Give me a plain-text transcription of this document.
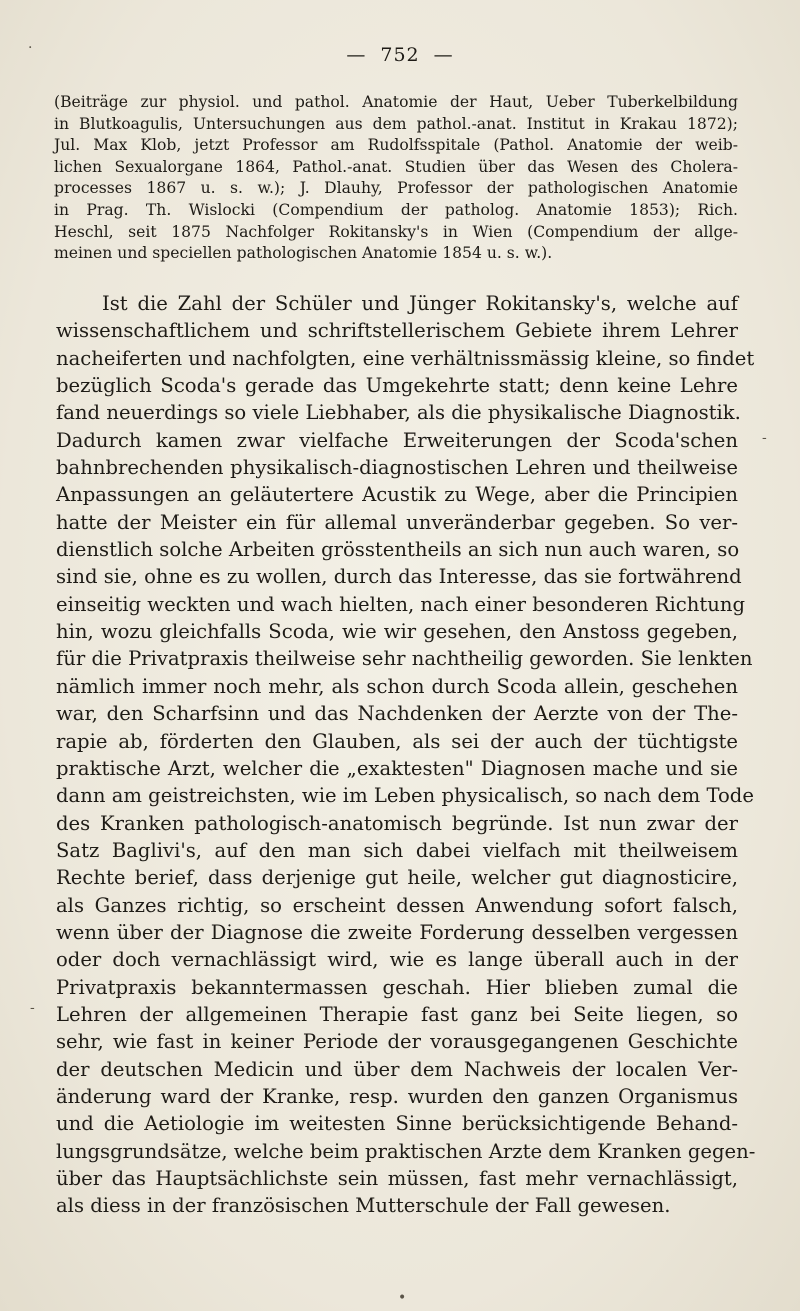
— 752 —
(Beiträge zur physiol. und pathol. Anatomie der Haut, Ueber Tuberkelbildung
in Blutkoagulis, Untersuchungen aus dem pathol.-anat. Institut in Krakau 1872);
Jul. Max Klob, jetzt Professor am Rudolfsspitale (Pathol. Anatomie der weib-
lichen Sexualorgane 1864, Pathol.-anat. Studien über das Wesen des Cholera-
processes 1867 u. s. w.); J. Dlauhy, Professor der pathologischen Anatomie
in Prag. Th. Wislocki (Compendium der patholog. Anatomie 1853); Rich.
Heschl, seit 1875 Nachfolger Rokitansky's in Wien (Compendium der allge-
meinen und speciellen pathologischen Anatomie 1854 u. s. w.).
Ist die Zahl der Schüler und Jünger Rokitansky's, welche auf
wissenschaftlichem und schriftstellerischem Gebiete ihrem Lehrer
nacheiferten und nachfolgten, eine verhältnissmässig kleine, so findet
bezüglich Scoda's gerade das Umgekehrte statt; denn keine Lehre
fand neuerdings so viele Liebhaber, als die physikalische Diagnostik.
Dadurch kamen zwar vielfache Erweiterungen der Scoda'schen
bahnbrechenden physikalisch-diagnostischen Lehren und theilweise
Anpassungen an geläutertere Acustik zu Wege, aber die Principien
hatte der Meister ein für allemal unveränderbar gegeben. So ver-
dienstlich solche Arbeiten grösstentheils an sich nun auch waren, so
sind sie, ohne es zu wollen, durch das Interesse, das sie fortwährend
einseitig weckten und wach hielten, nach einer besonderen Richtung
hin, wozu gleichfalls Scoda, wie wir gesehen, den Anstoss gegeben,
für die Privatpraxis theilweise sehr nachtheilig geworden. Sie lenkten
nämlich immer noch mehr, als schon durch Scoda allein, geschehen
war, den Scharfsinn und das Nachdenken der Aerzte von der The-
rapie ab, förderten den Glauben, als sei der auch der tüchtigste
praktische Arzt, welcher die „exaktesten" Diagnosen mache und sie
dann am geistreichsten, wie im Leben physicalisch, so nach dem Tode
des Kranken pathologisch-anatomisch begründe. Ist nun zwar der
Satz Baglivi's, auf den man sich dabei vielfach mit theilweisem
Rechte berief, dass derjenige gut heile, welcher gut diagnosticire,
als Ganzes richtig, so erscheint dessen Anwendung sofort falsch,
wenn über der Diagnose die zweite Forderung desselben vergessen
oder doch vernachlässigt wird, wie es lange überall auch in der
Privatpraxis bekanntermassen geschah. Hier blieben zumal die
Lehren der allgemeinen Therapie fast ganz bei Seite liegen, so
sehr, wie fast in keiner Periode der vorausgegangenen Geschichte
der deutschen Medicin und über dem Nachweis der localen Ver-
änderung ward der Kranke, resp. wurden den ganzen Organismus
und die Aetiologie im weitesten Sinne berücksichtigende Behand-
lungsgrundsätze, welche beim praktischen Arzte dem Kranken gegen-
über das Hauptsächlichste sein müssen, fast mehr vernachlässigt,
als diess in der französischen Mutterschule der Fall gewesen.
·
-
-
•
